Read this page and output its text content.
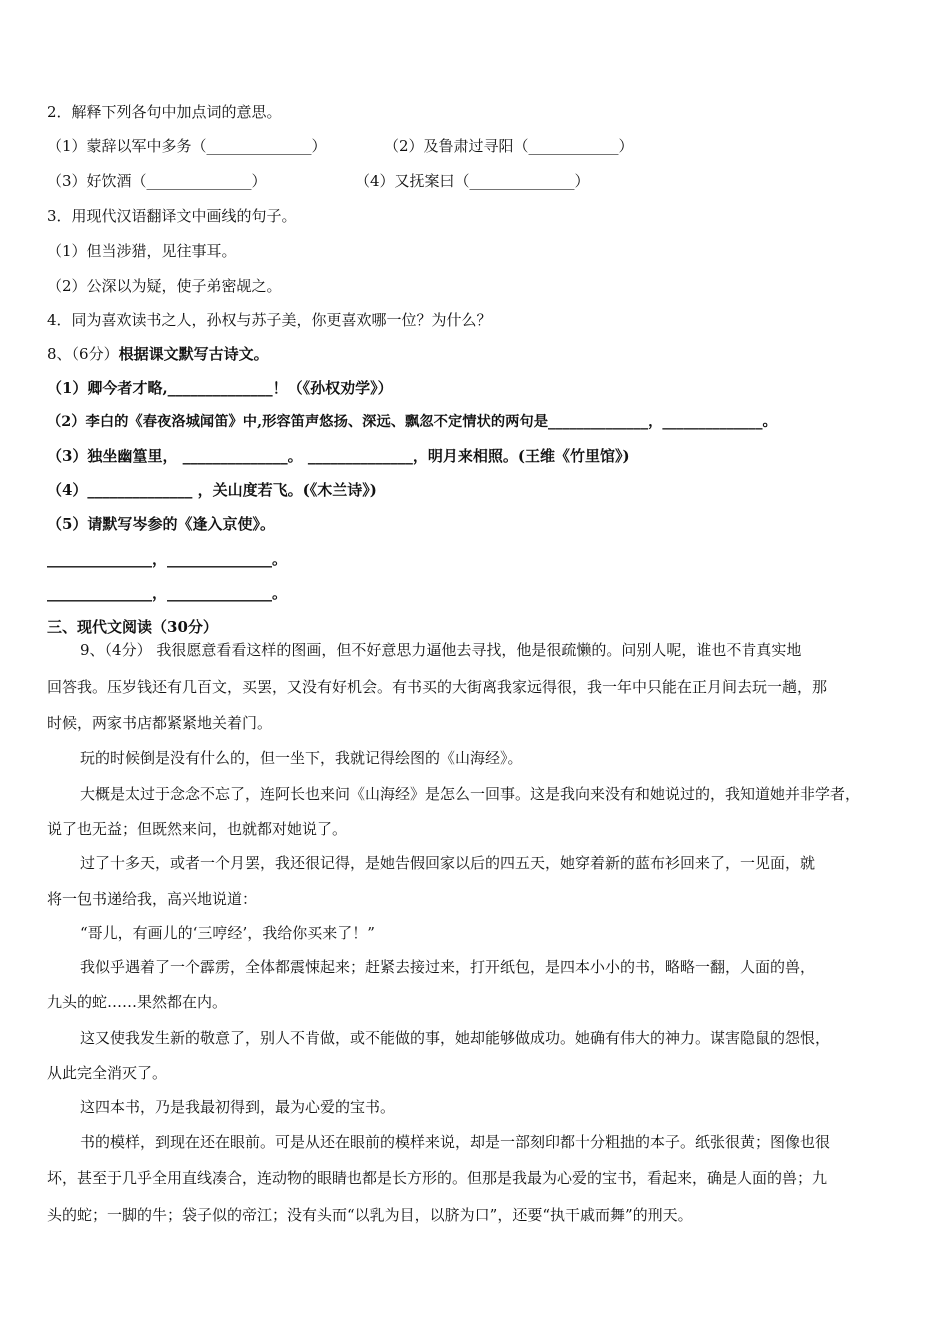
2．解释下列各句中加点词的意思。
（1）蒙辞以军中多务（______________）	（2）及鲁肃过寻阳（____________）
（3）好饮酒（______________）	（4）又抚案曰（______________）
3．用现代汉语翻译文中画线的句子。
（1）但当涉猎，见往事耳。
（2）公深以为疑，使子弟密觇之。
4．同为喜欢读书之人，孙权与苏子美，你更喜欢哪一位？为什么？
8、（6分）根据课文默写古诗文。
（1）卿今者才略,______________！（《孙权劝学》）
（2）李白的《春夜洛城闻笛》中,形容笛声悠扬、深远、飘忽不定情状的两句是______________，______________。
（3）独坐幽篁里， ______________。 ______________，明月来相照。(王维《竹里馆》)
（4）______________ ，关山度若飞。(《木兰诗》)
（5）请默写岑参的《逢入京使》。
______________，______________。
______________，______________。
三、现代文阅读（30分）
9、（4分） 我很愿意看看这样的图画，但不好意思力逼他去寻找，他是很疏懒的。问别人呢，谁也不肯真实地
回答我。压岁钱还有几百文，买罢，又没有好机会。有书买的大街离我家远得很，我一年中只能在正月间去玩一趟，那
时候，两家书店都紧紧地关着门。
玩的时候倒是没有什么的，但一坐下，我就记得绘图的《山海经》。
大概是太过于念念不忘了，连阿长也来问《山海经》是怎么一回事。这是我向来没有和她说过的，我知道她并非学者，
说了也无益；但既然来问，也就都对她说了。
过了十多天，或者一个月罢，我还很记得，是她告假回家以后的四五天，她穿着新的蓝布衫回来了，一见面，就
将一包书递给我，高兴地说道：
“哥儿，有画儿的‘三哼经’，我给你买来了！”
我似乎遇着了一个霹雳，全体都震悚起来；赶紧去接过来，打开纸包，是四本小小的书，略略一翻，人面的兽，
九头的蛇……果然都在内。
这又使我发生新的敬意了，别人不肯做，或不能做的事，她却能够做成功。她确有伟大的神力。谋害隐鼠的怨恨，
从此完全消灭了。
这四本书，乃是我最初得到，最为心爱的宝书。
书的模样，到现在还在眼前。可是从还在眼前的模样来说，却是一部刻印都十分粗拙的本子。纸张很黄；图像也很
坏，甚至于几乎全用直线凑合，连动物的眼睛也都是长方形的。但那是我最为心爱的宝书，看起来，确是人面的兽；九
头的蛇；一脚的牛；袋子似的帝江；没有头而“以乳为目，以脐为口”，还要“执干戚而舞”的刑天。
